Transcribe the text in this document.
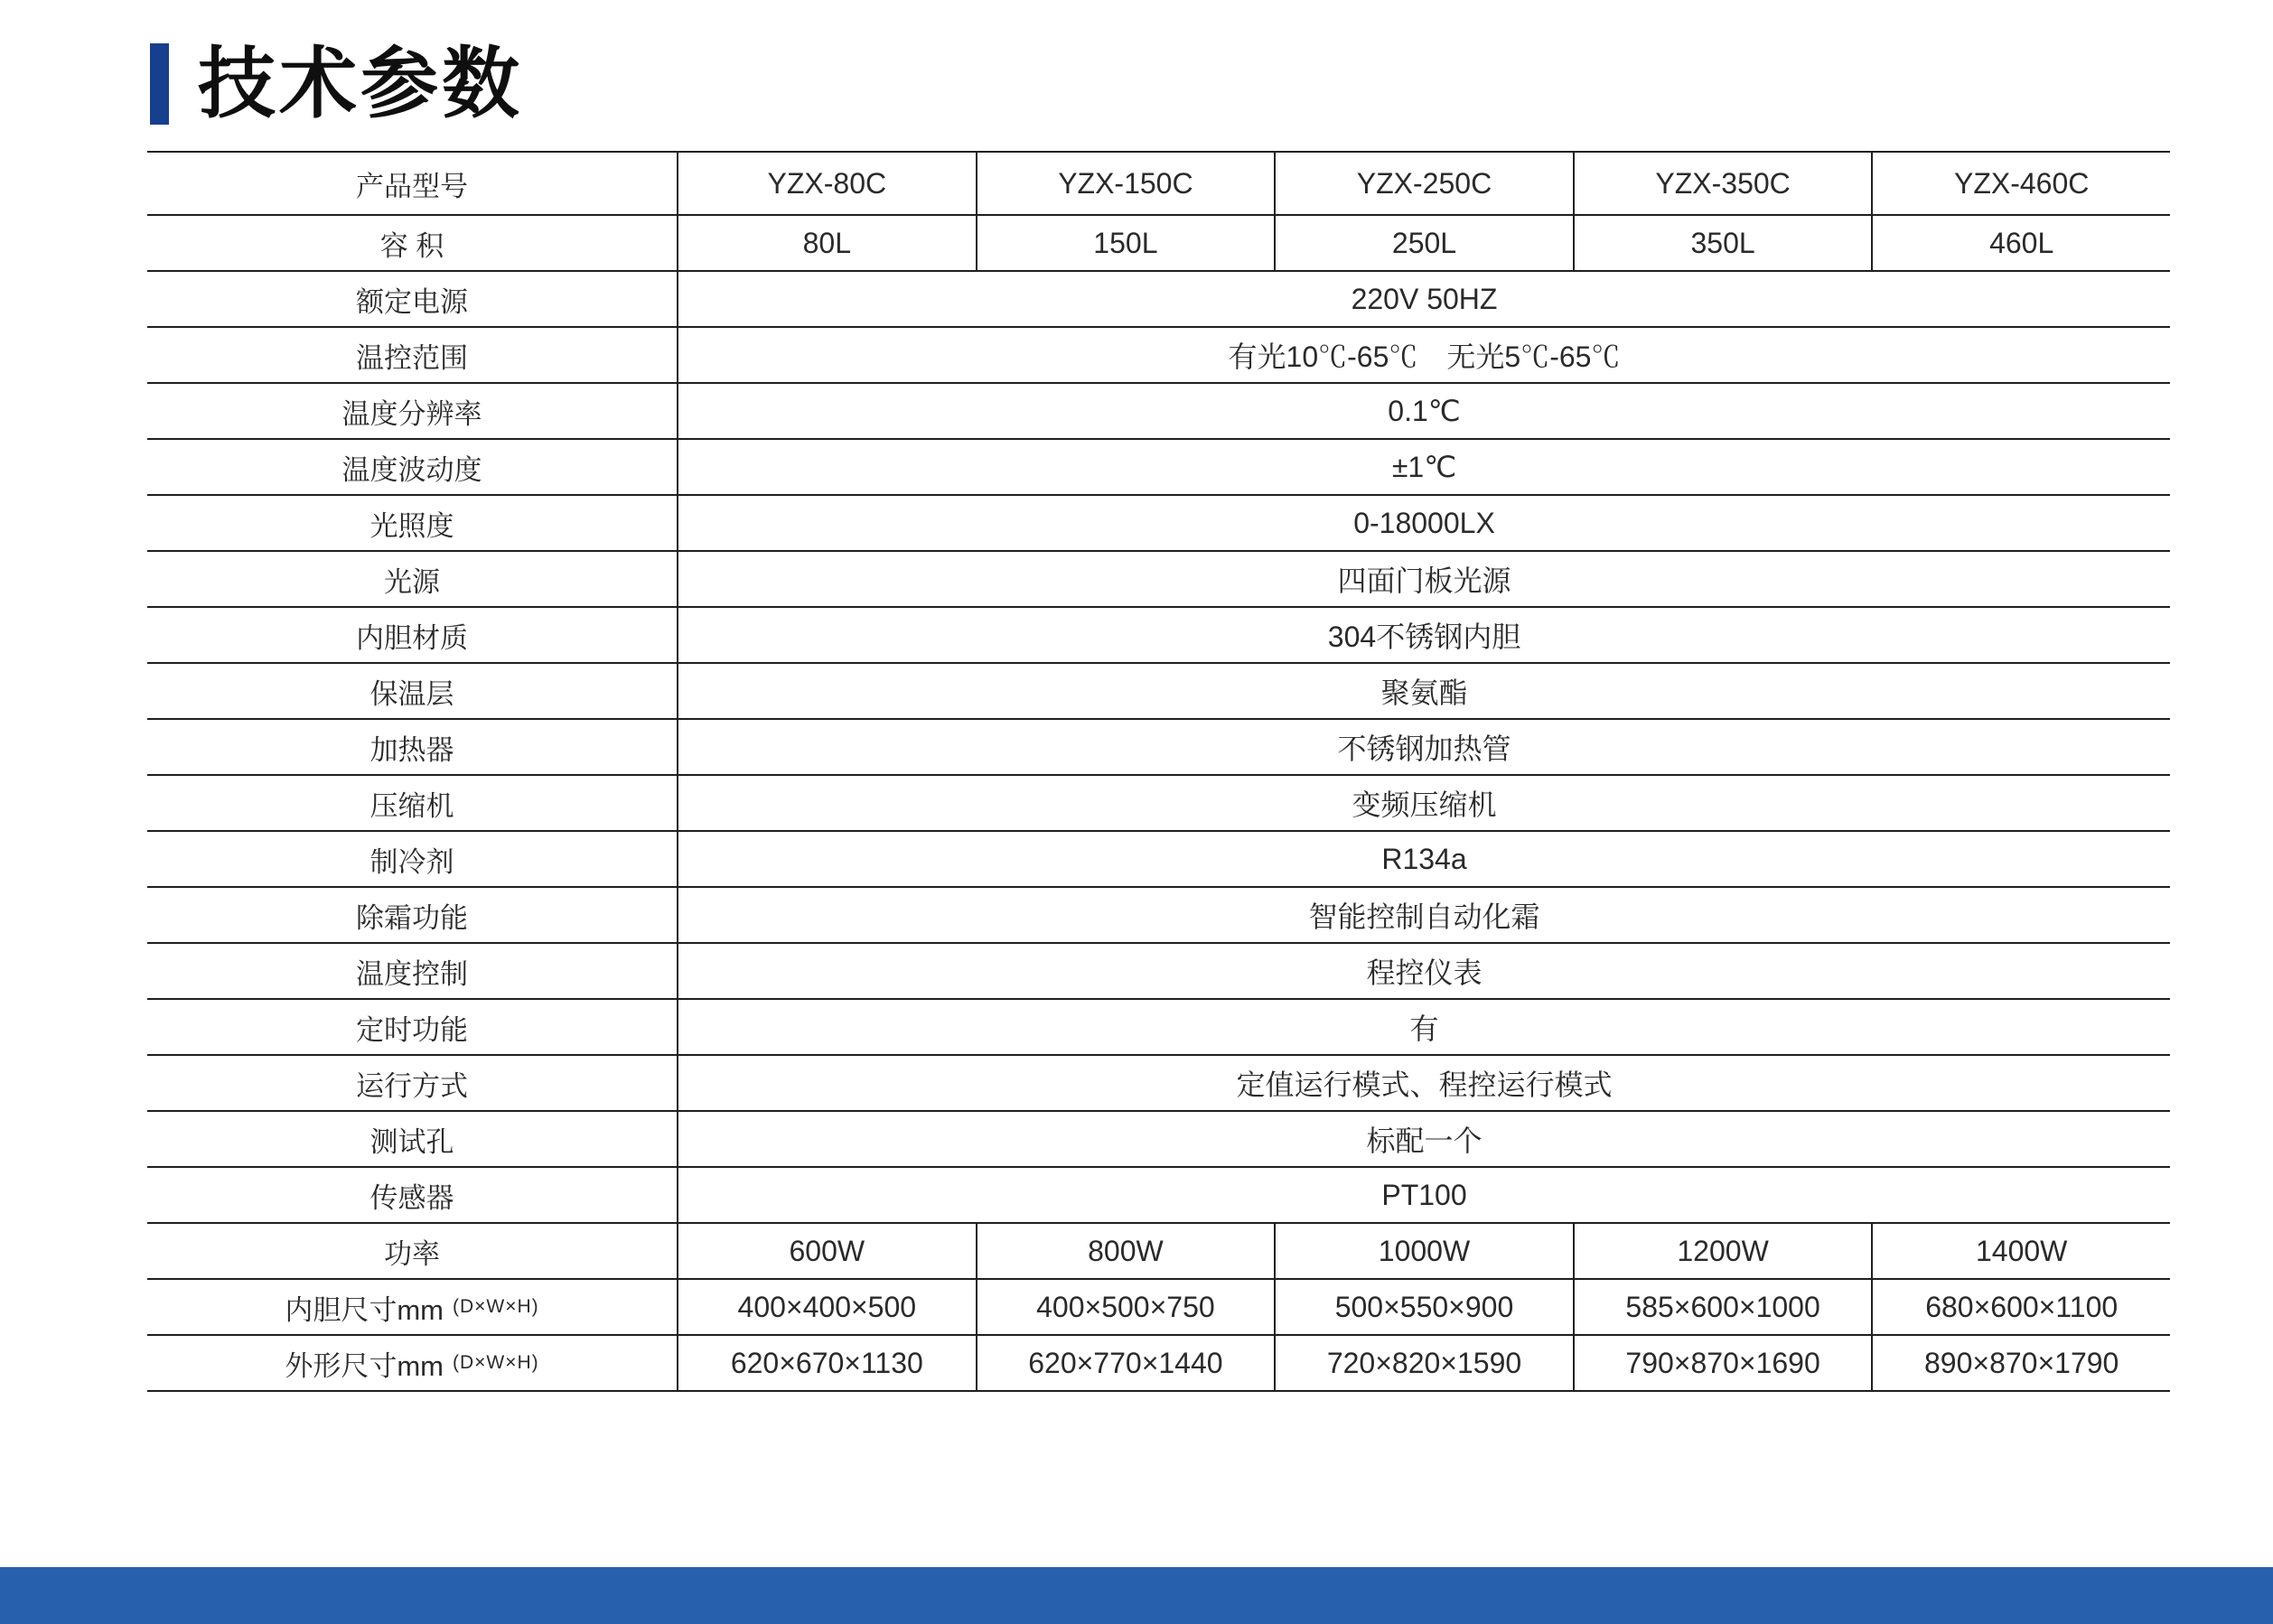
技术参数
产品型号	YZX-80C	YZX-150C	YZX-250C	YZX-350C	YZX-460C
容 积	80L	150L	250L	350L	460L
额定电源	220V 50HZ
温控范围	有光10℃-65℃　无光5℃-65℃
温度分辨率	0.1℃
温度波动度	±1℃
光照度	0-18000LX
光源	四面门板光源
内胆材质	304不锈钢内胆
保温层	聚氨酯
加热器	不锈钢加热管
压缩机	变频压缩机
制冷剂	R134a
除霜功能	智能控制自动化霜
温度控制	程控仪表
定时功能	有
运行方式	定值运行模式、程控运行模式
测试孔	标配一个
传感器	PT100
功率	600W	800W	1000W	1200W	1400W
内胆尺寸mm (D×W×H)	400×400×500	400×500×750	500×550×900	585×600×1000	680×600×1100
外形尺寸mm (D×W×H)	620×670×1130	620×770×1440	720×820×1590	790×870×1690	890×870×1790
